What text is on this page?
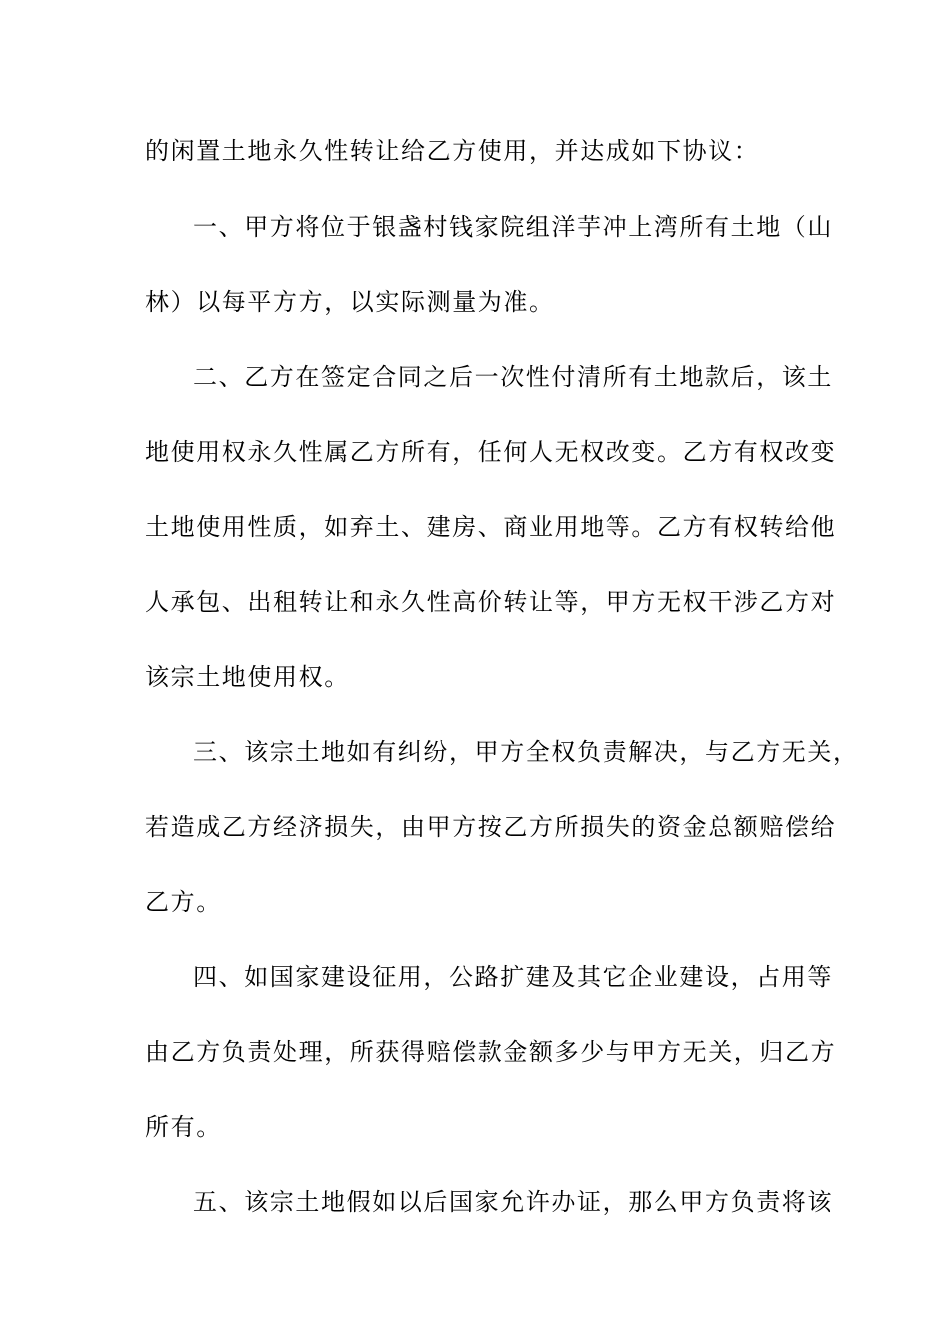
的闲置土地永久性转让给乙方使用，并达成如下协议：
一、甲方将位于银盏村钱家院组洋芋冲上湾所有土地（山
林）以每平方方，以实际测量为准。
二、乙方在签定合同之后一次性付清所有土地款后，该土
地使用权永久性属乙方所有，任何人无权改变。乙方有权改变
土地使用性质，如弃土、建房、商业用地等。乙方有权转给他
人承包、出租转让和永久性高价转让等，甲方无权干涉乙方对
该宗土地使用权。
三、该宗土地如有纠纷，甲方全权负责解决，与乙方无关，
若造成乙方经济损失，由甲方按乙方所损失的资金总额赔偿给
乙方。
四、如国家建设征用，公路扩建及其它企业建设，占用等
由乙方负责处理，所获得赔偿款金额多少与甲方无关，归乙方
所有。
五、该宗土地假如以后国家允许办证，那么甲方负责将该
